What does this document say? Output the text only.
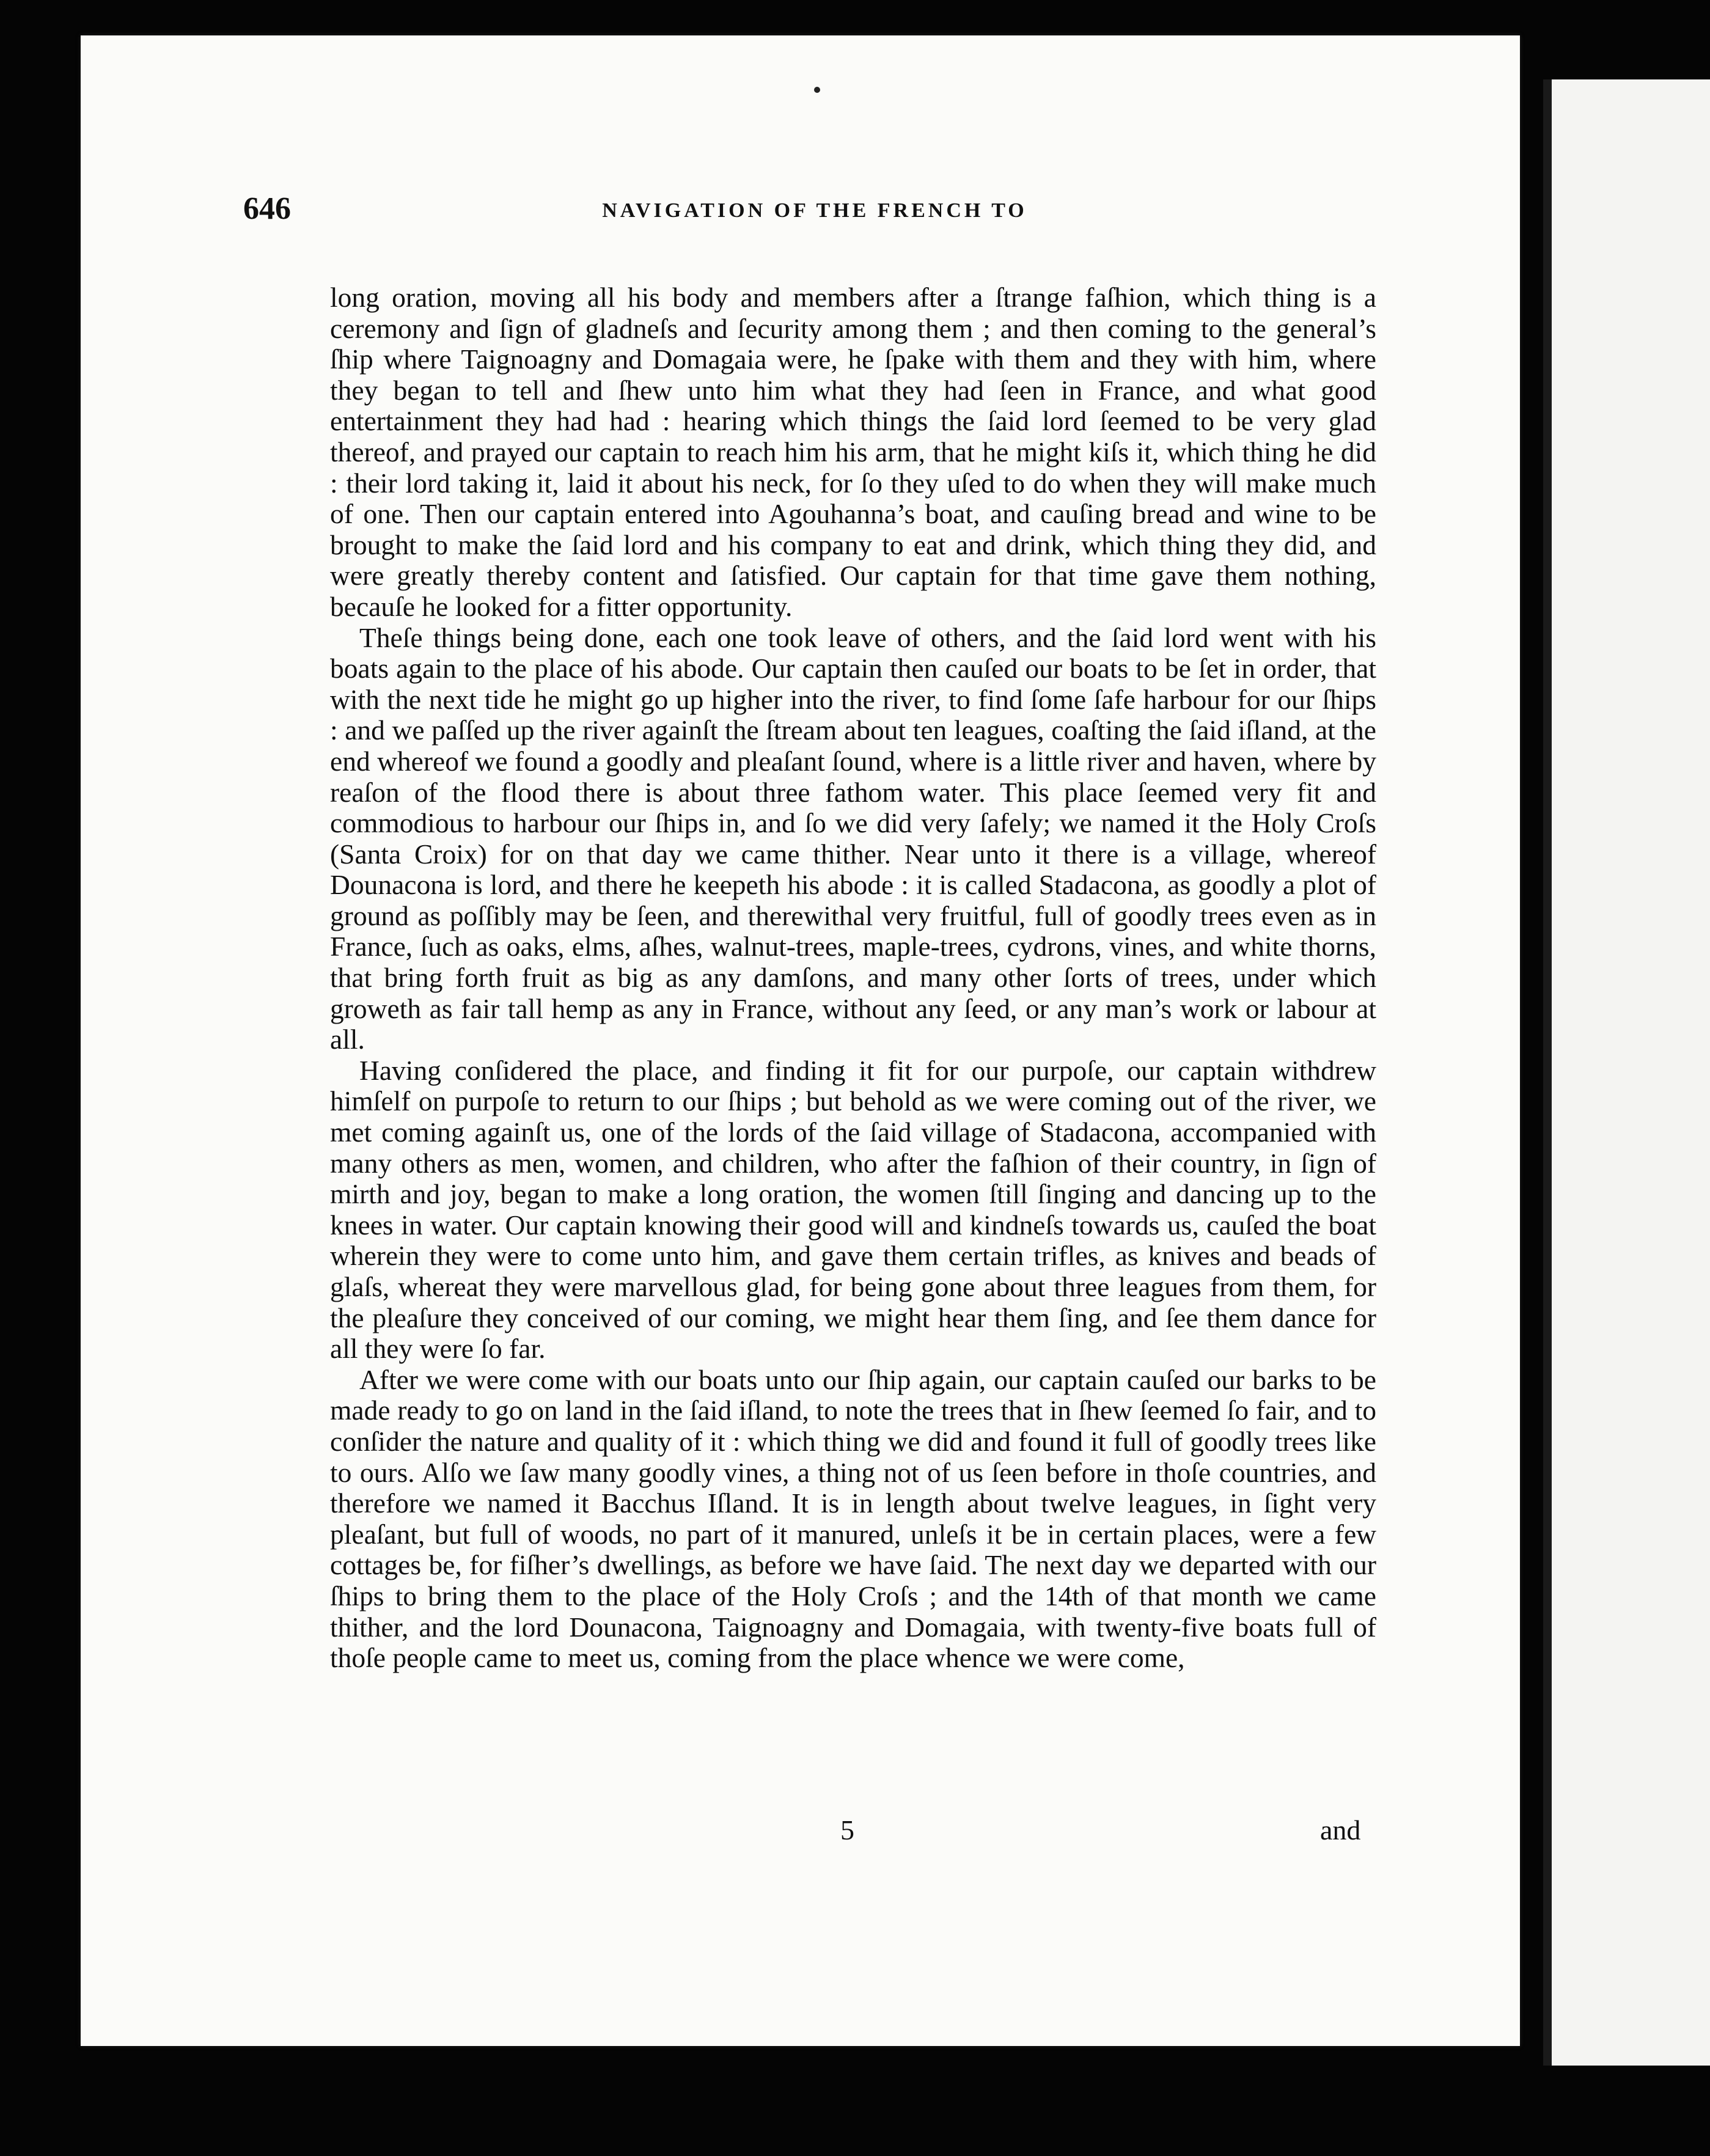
646	NAVIGATION OF THE FRENCH TO

long oration, moving all his body and members after a ſtrange faſhion, which thing is a ceremony and ſign of gladneſs and ſecurity among them ; and then coming to the general’s ſhip where Taignoagny and Domagaia were, he ſpake with them and they with him, where they began to tell and ſhew unto him what they had ſeen in France, and what good entertainment they had had : hearing which things the ſaid lord ſeemed to be very glad thereof, and prayed our captain to reach him his arm, that he might kiſs it, which thing he did : their lord taking it, laid it about his neck, for ſo they uſed to do when they will make much of one. Then our captain entered into Agouhanna’s boat, and cauſing bread and wine to be brought to make the ſaid lord and his company to eat and drink, which thing they did, and were greatly thereby content and ſatisfied. Our captain for that time gave them nothing, becauſe he looked for a fitter opportunity.

Theſe things being done, each one took leave of others, and the ſaid lord went with his boats again to the place of his abode. Our captain then cauſed our boats to be ſet in order, that with the next tide he might go up higher into the river, to find ſome ſafe harbour for our ſhips : and we paſſed up the river againſt the ſtream about ten leagues, coaſting the ſaid iſland, at the end whereof we found a goodly and pleaſant ſound, where is a little river and haven, where by reaſon of the flood there is about three fathom water. This place ſeemed very fit and commodious to harbour our ſhips in, and ſo we did very ſafely; we named it the Holy Croſs (Santa Croix) for on that day we came thither. Near unto it there is a village, whereof Dounacona is lord, and there he keepeth his abode : it is called Stadacona, as goodly a plot of ground as poſſibly may be ſeen, and therewithal very fruitful, full of goodly trees even as in France, ſuch as oaks, elms, aſhes, walnut-trees, maple-trees, cydrons, vines, and white thorns, that bring forth fruit as big as any damſons, and many other ſorts of trees, under which groweth as fair tall hemp as any in France, without any ſeed, or any man’s work or labour at all.

Having conſidered the place, and finding it fit for our purpoſe, our captain withdrew himſelf on purpoſe to return to our ſhips ; but behold as we were coming out of the river, we met coming againſt us, one of the lords of the ſaid village of Stadacona, accompanied with many others as men, women, and children, who after the faſhion of their country, in ſign of mirth and joy, began to make a long oration, the women ſtill ſinging and dancing up to the knees in water. Our captain knowing their good will and kindneſs towards us, cauſed the boat wherein they were to come unto him, and gave them certain trifles, as knives and beads of glaſs, whereat they were marvellous glad, for being gone about three leagues from them, for the pleaſure they conceived of our coming, we might hear them ſing, and ſee them dance for all they were ſo far.

After we were come with our boats unto our ſhip again, our captain cauſed our barks to be made ready to go on land in the ſaid iſland, to note the trees that in ſhew ſeemed ſo fair, and to conſider the nature and quality of it : which thing we did and found it full of goodly trees like to ours. Alſo we ſaw many goodly vines, a thing not of us ſeen before in thoſe countries, and therefore we named it Bacchus Iſland. It is in length about twelve leagues, in ſight very pleaſant, but full of woods, no part of it manured, unleſs it be in certain places, were a few cottages be, for fiſher’s dwellings, as before we have ſaid. The next day we departed with our ſhips to bring them to the place of the Holy Croſs ; and the 14th of that month we came thither, and the lord Dounacona, Taignoagny and Domagaia, with twenty-five boats full of thoſe people came to meet us, coming from the place whence we were come,

5	and
